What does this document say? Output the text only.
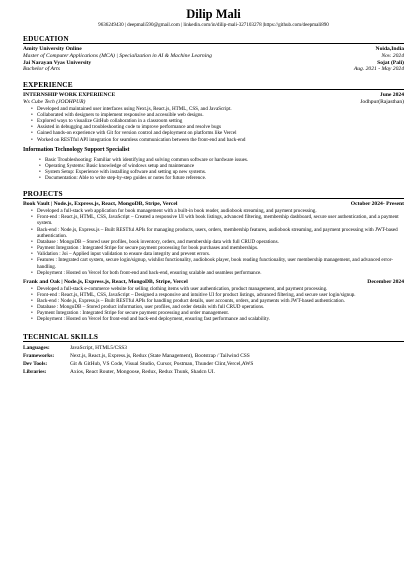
Dilip Mali
9636249430 | deepmali590@gmail.com | linkedin.com/in/dilip-mali-327103278 |https://github.com/deepmali890
EDUCATION
Amity University Online	Noida,India
Master of Computer Applications (MCA) | Specialization in AI & Machine Learning	Nov. 2024
Jai Narayan Vyas University	Sojat (Pali)
Bachelor of Arts	Aug. 2021 - May 2024
EXPERIENCE
INTERNSHIP WORK EXPERIENCE	June 2024
Ws Cube Tech (JODHPUR)	Jodhpur(Rajasthan)
• Developed and maintained user interfaces using Next.js, React.js, HTML, CSS, and JavaScript.
• Collaborated with designers to implement responsive and accessible web designs.
• Explored ways to visualize GitHub collaboration in a classroom setting
• Assisted in debugging and troubleshooting code to improve performance and resolve bugs
• Gained hands-on experience with Git for version control and deployment on platforms like Vercel
• Worked on RESTful API integration for seamless communication between the front-end and back-end
Information Technology Support Specialist
• Basic Troubleshooting: Familiar with identifying and solving common software or hardware issues.
• Operating Systems: Basic knowledge of windows setup and maintenance
• System Setup: Experience with installing software and setting up new systems.
• Documentation: Able to write step-by-step guides or notes for future reference.
PROJECTS
Book Vault | Node.js, Express.js, React, MongoDB, Stripe, Vercel	October 2024- Present
• Developed a full-stack web application for book management with a built-in book reader, audiobook streaming, and payment processing.
• Front-end : React.js, HTML, CSS, JavaScript – Created a responsive UI with book listings, advanced filtering, membership dashboard, secure user authentication, and a payment system.
• Back-end : Node.js, Express.js – Built RESTful APIs for managing products, users, orders, membership features, audiobook streaming, and payment processing with JWT-based authentication.
• Database : MongoDB – Stored user profiles, book inventory, orders, and membership data with full CRUD operations.
• Payment Integration : Integrated Stripe for secure payment processing for book purchases and memberships.
• Validation : Joi – Applied input validation to ensure data integrity and prevent errors.
• Features : Integrated cart system, secure login/signup, wishlist functionality, audiobook player, book reading functionality, user membership management, and advanced error-handling.
• Deployment : Hosted on Vercel for both front-end and back-end, ensuring scalable and seamless performance.
Frank and Oak | Node.js, Express.js, React, MongoDB, Stripe, Vercel	December 2024
• Developed a full-stack e-commerce website for selling clothing items with user authentication, product management, and payment processing.
• Front-end : React.js, HTML, CSS, JavaScript – Designed a responsive and intuitive UI for product listings, advanced filtering, and secure user login/signup.
• Back-end : Node.js, Express.js – Built RESTful APIs for handling product details, user accounts, orders, and payments with JWT-based authentication.
• Database : MongoDB – Stored product information, user profiles, and order details with full CRUD operations.
• Payment Integration : Integrated Stripe for secure payment processing and order management.
• Deployment : Hosted on Vercel for front-end and back-end deployment, ensuring fast performance and scalability.
TECHNICAL SKILLS
Languages:	JavaScript, HTML5/CSS3
Frameworks:	Next.js, React.js, Express.js, Redux (State Management), Bootstrap / Tailwind CSS
Dev Tools:	Git & GitHub, VS Code, Visual Studio, Cursor, Postman, Thunder Clint,Vercel,AWS
Libraries:	Axios, React Router, Mongoose, Redux, Redux Thunk, Shadcn UI.
